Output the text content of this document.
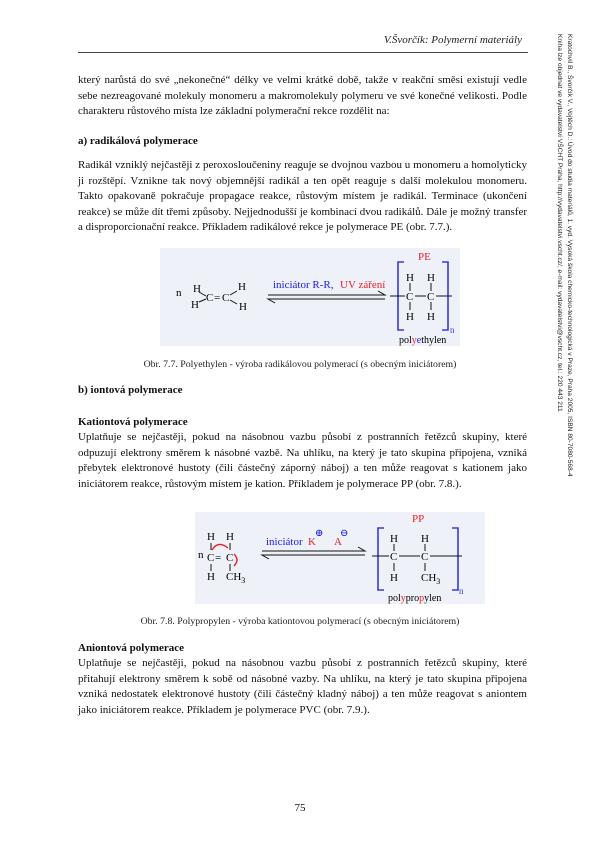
V.Švorčík: Polymerní materiály	Kratochvíl B., Švorčík V., Vojtěch D.: Úvod do studia materiálů, 1. vyd. Vysoká škola chemicko-technologická v Praze, Praha 2005, ISBN 80-7080-568-4
Kniha lze objednat ve vydavatelství VŠCHT Praha, http://vydavatelstvi.vscht.cz/, e-mail: vydavatelstvi@vscht.cz, tel.: 220 443 211
který narůstá do své „nekonečné“ délky ve velmi krátké době, takže v reakční směsi existují vedle sebe nezreagované molekuly monomeru a makromolekuly polymeru ve své konečné velikosti. Podle charakteru růstového místa lze základní polymerační rekce rozdělit na:
a) radikálová polymerace
Radikál vzniklý nejčastěji z peroxosloučeniny reaguje se dvojnou vazbou u monomeru a homolyticky ji rozštěpí. Vznikne tak nový objemnější radikál a ten opět reaguje s další molekulou monomeru. Takto opakovaně pokračuje propagace reakce, růstovým místem je radikál. Terminace (ukončení reakce) se může dít třemi způsoby. Nejjednodušší je kombinací dvou radikálů. Dále je možný transfer a disproporcionační reakce. Příkladem radikálové rekce je polymerace PE (obr. 7.7.).
n H
H
C = C
H
H
iniciátor R-R, UV záření
PE
H H
C C
H H
n
polyethylen
Obr. 7.7. Polyethylen - výroba radikálovou polymerací (s obecným iniciátorem)
b) iontová polymerace
Kationtová polymerace
Uplatňuje se nejčastěji, pokud na násobnou vazbu působí z postranních řetězců skupiny, které odpuzují elektrony směrem k násobné vazbě. Na uhlíku, na který je tato skupina připojena, vzniká přebytek elektronové hustoty (čili částečný záporný náboj) a ten může reagovat s kationem jako iniciátorem reakce, růstovým místem je kation. Příkladem je polymerace PP (obr. 7.8.).
n
H H
C = C
H $CH_3$
iniciátor K
⊕
A
⊖
PP
H H
C C
H $CH_3$
n
polypropylen
Obr. 7.8. Polypropylen - výroba kationtovou polymerací (s obecným iniciátorem)
Aniontová polymerace
Uplatňuje se nejčastěji, pokud na násobnou vazbu působí z postranních řetězců skupiny, které přitahují elektrony směrem k sobě od násobné vazby. Na uhlíku, na který je tato skupina připojena vzniká nedostatek elektronové hustoty (čili částečný kladný náboj) a ten může reagovat s aniontem jako iniciátorem reakce. Příkladem je polymerace PVC (obr. 7.9.).
75
